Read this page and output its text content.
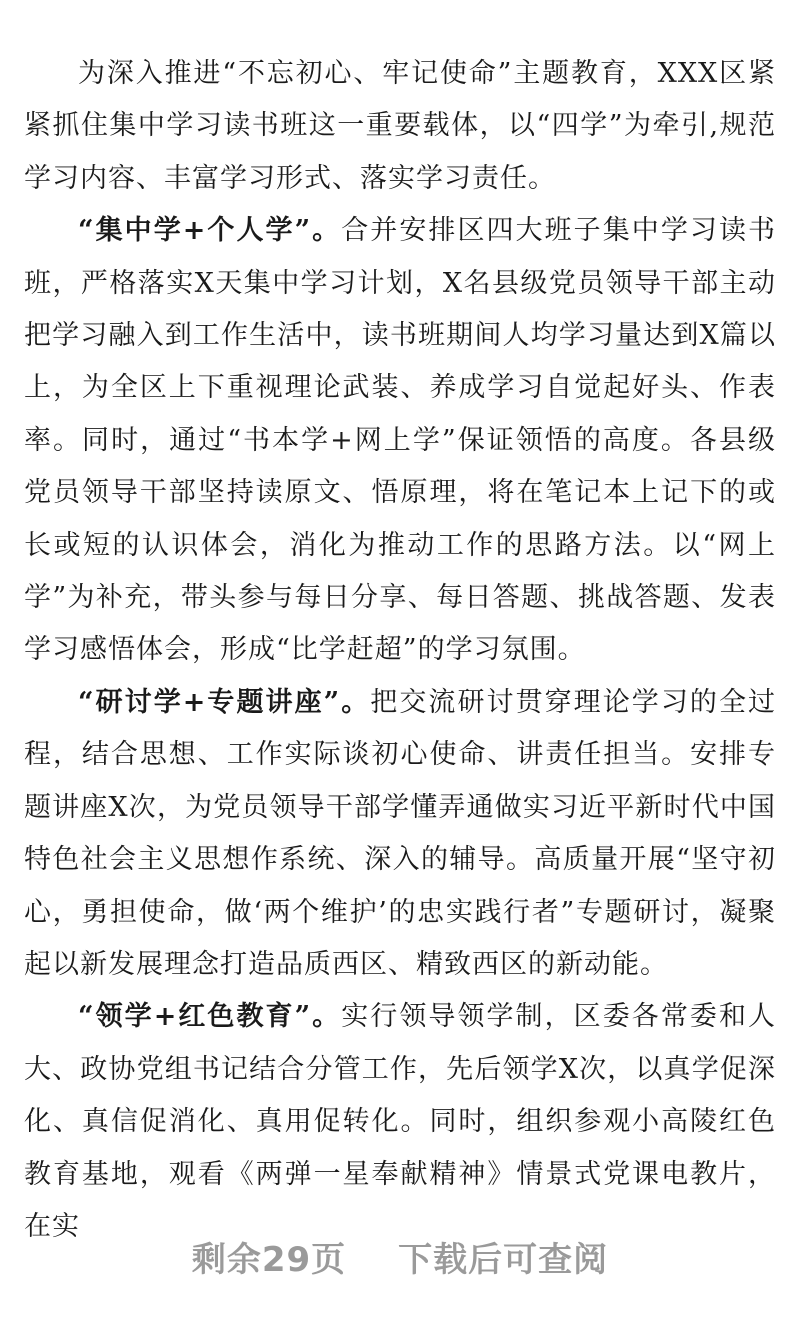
为深入推进“不忘初心、牢记使命”主题教育，XXX区紧紧抓住集中学习读书班这一重要载体，以“四学”为牵引,规范学习内容、丰富学习形式、落实学习责任。

“集中学+个人学”。合并安排区四大班子集中学习读书班，严格落实X天集中学习计划，X名县级党员领导干部主动把学习融入到工作生活中，读书班期间人均学习量达到X篇以上，为全区上下重视理论武装、养成学习自觉起好头、作表率。同时，通过“书本学+网上学”保证领悟的高度。各县级党员领导干部坚持读原文、悟原理，将在笔记本上记下的或长或短的认识体会，消化为推动工作的思路方法。以“网上学”为补充，带头参与每日分享、每日答题、挑战答题、发表学习感悟体会，形成“比学赶超”的学习氛围。

“研讨学+专题讲座”。把交流研讨贯穿理论学习的全过程，结合思想、工作实际谈初心使命、讲责任担当。安排专题讲座X次，为党员领导干部学懂弄通做实习近平新时代中国特色社会主义思想作系统、深入的辅导。高质量开展“坚守初心，勇担使命，做‘两个维护’的忠实践行者”专题研讨，凝聚起以新发展理念打造品质西区、精致西区的新动能。

“领学+红色教育”。实行领导领学制，区委各常委和人大、政协党组书记结合分管工作，先后领学X次，以真学促深化、真信促消化、真用促转化。同时，组织参观小高陵红色教育基地，观看《两弹一星奉献精神》情景式党课电教片，在实

剩余29页 下载后可查阅
